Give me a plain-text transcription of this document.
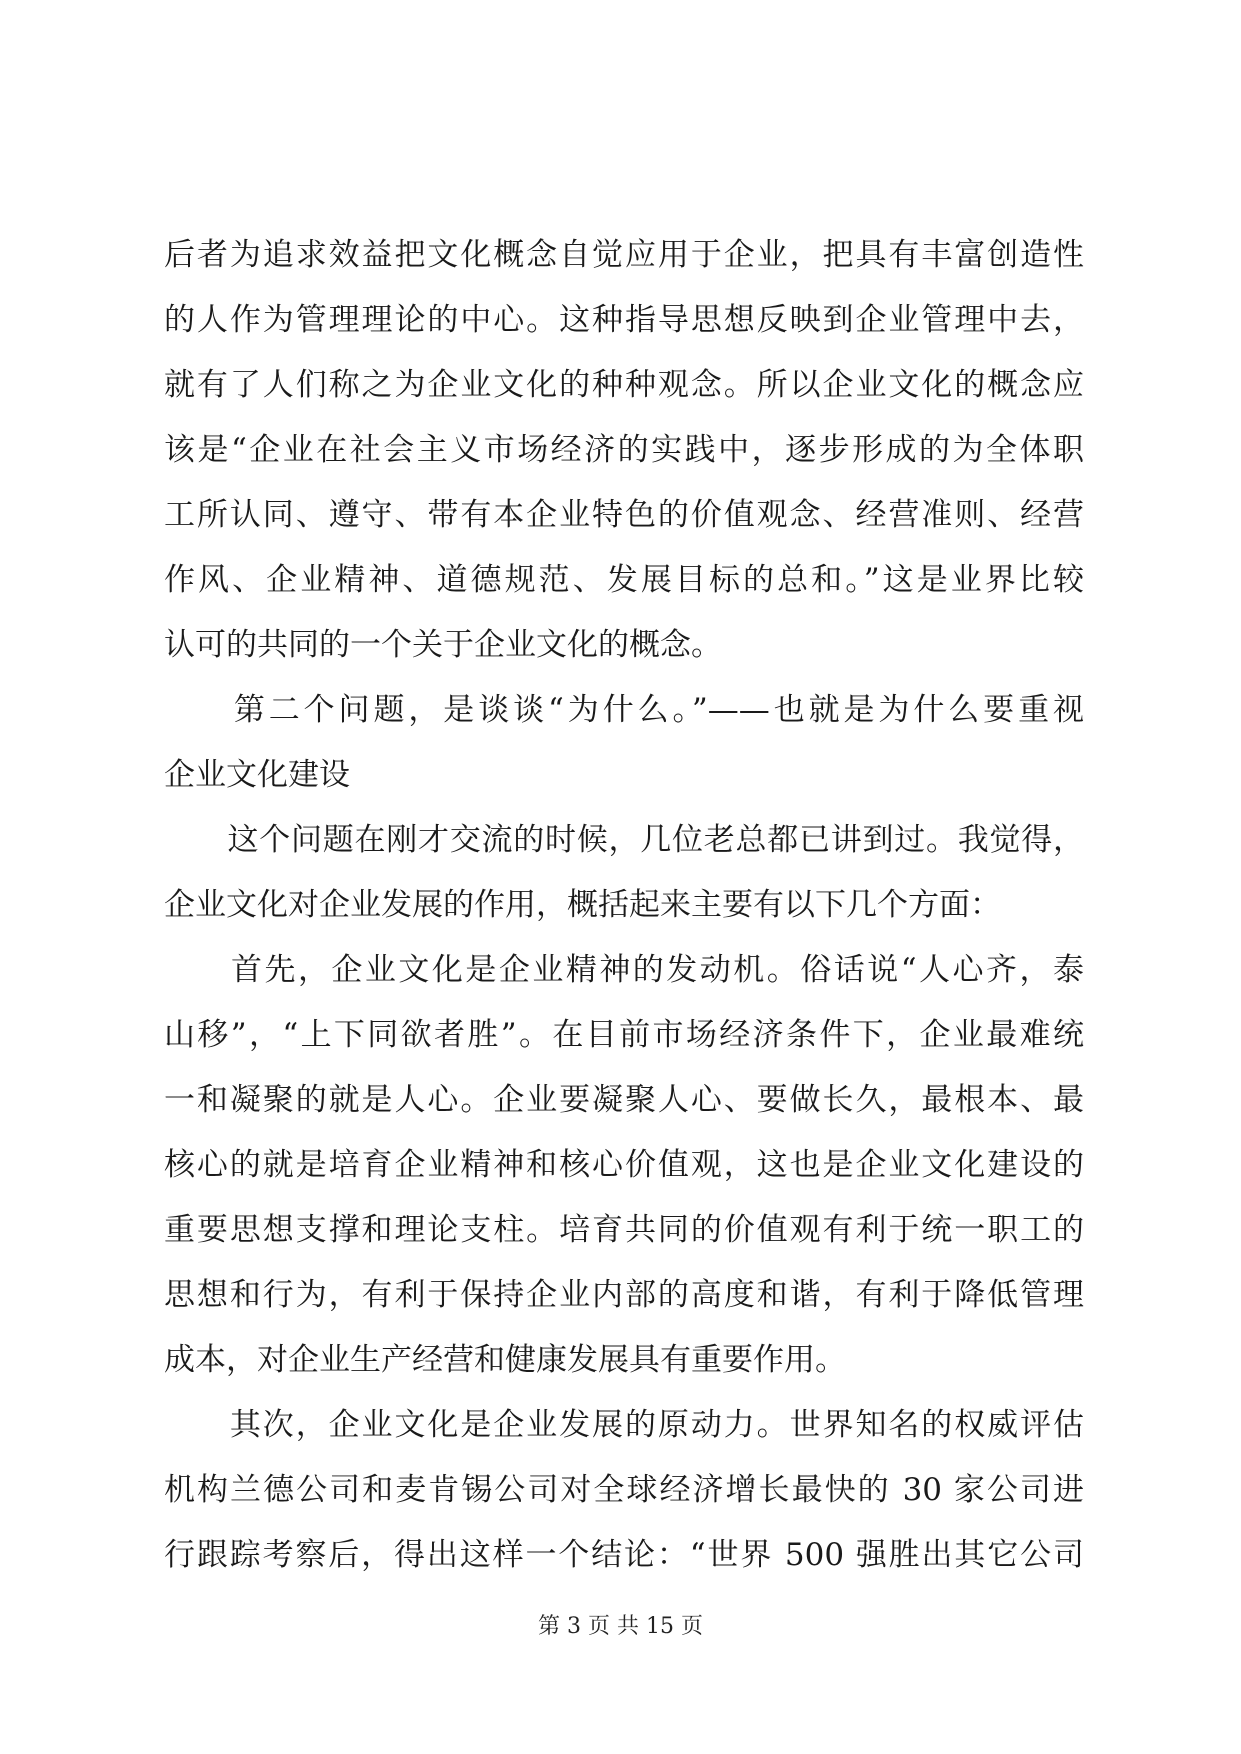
后者为追求效益把文化概念自觉应用于企业，把具有丰富创造性
的人作为管理理论的中心。这种指导思想反映到企业管理中去，
就有了人们称之为企业文化的种种观念。所以企业文化的概念应
该是“企业在社会主义市场经济的实践中，逐步形成的为全体职
工所认同、遵守、带有本企业特色的价值观念、经营准则、经营
作风、企业精神、道德规范、发展目标的总和。”这是业界比较
认可的共同的一个关于企业文化的概念。
　　第二个问题，是谈谈“为什么。”——也就是为什么要重视
企业文化建设
　　这个问题在刚才交流的时候，几位老总都已讲到过。我觉得，
企业文化对企业发展的作用，概括起来主要有以下几个方面：
　　首先，企业文化是企业精神的发动机。俗话说“人心齐，泰
山移”，“上下同欲者胜”。在目前市场经济条件下，企业最难统
一和凝聚的就是人心。企业要凝聚人心、要做长久，最根本、最
核心的就是培育企业精神和核心价值观，这也是企业文化建设的
重要思想支撑和理论支柱。培育共同的价值观有利于统一职工的
思想和行为，有利于保持企业内部的高度和谐，有利于降低管理
成本，对企业生产经营和健康发展具有重要作用。
　　其次，企业文化是企业发展的原动力。世界知名的权威评估
机构兰德公司和麦肯锡公司对全球经济增长最快的 30 家公司进
行跟踪考察后，得出这样一个结论：“世界 500 强胜出其它公司
第 3 页 共 15 页
